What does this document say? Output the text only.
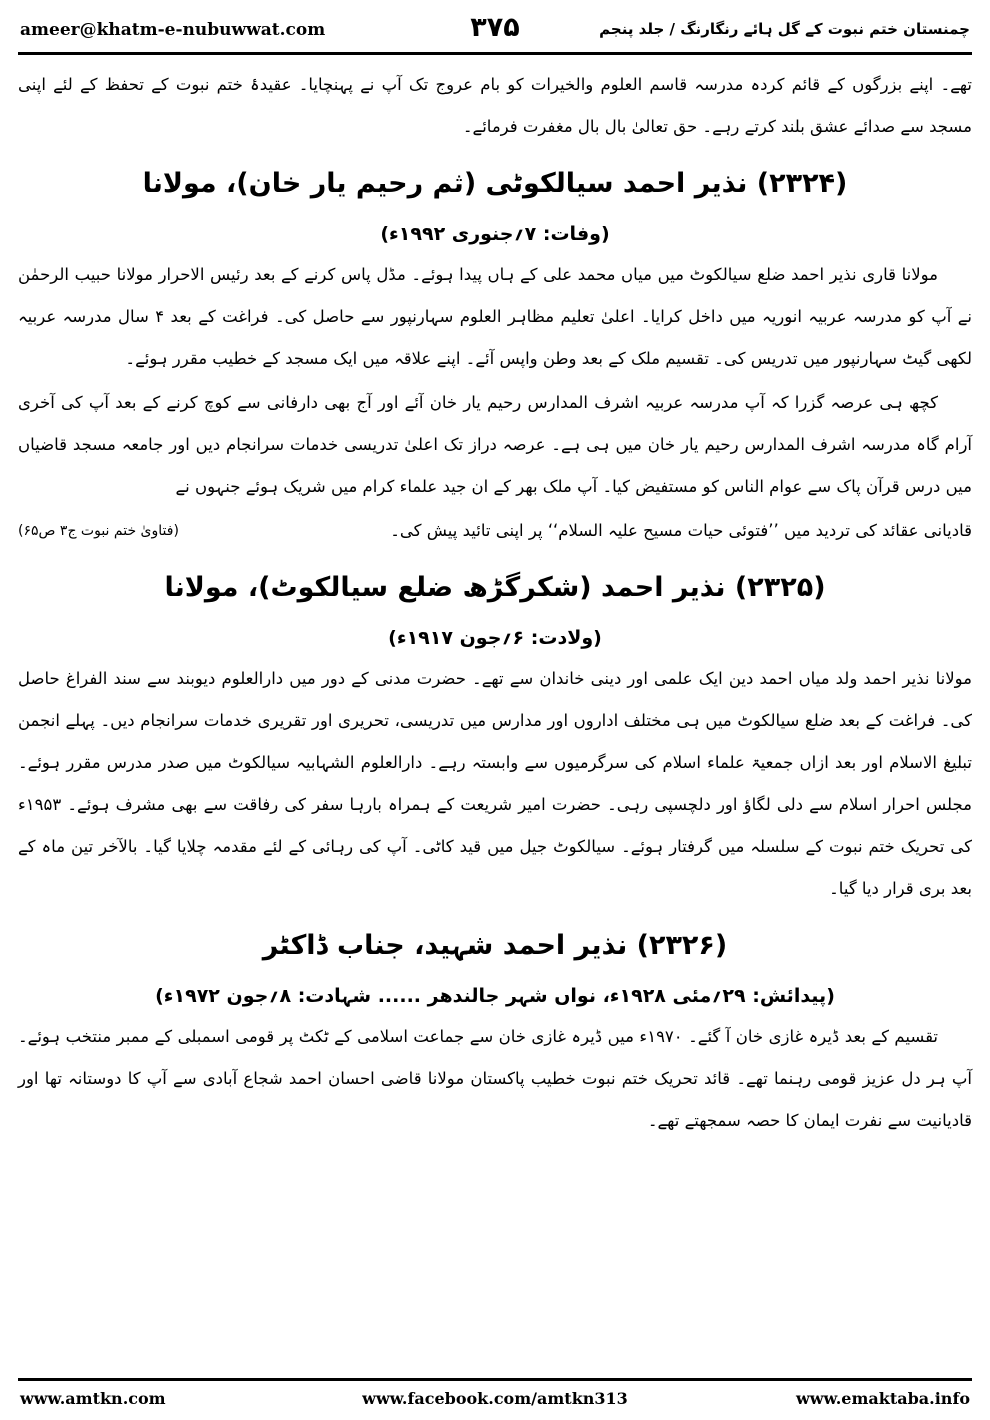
ameer@khatm-e-nubuwwat.com	۳۷۵	چمنستان ختم نبوت کے گل ہائے رنگارنگ / جلد پنجم

تھے۔ اپنے بزرگوں کے قائم کردہ مدرسہ قاسم العلوم والخیرات کو بام عروج تک آپ نے پہنچایا۔ عقیدۂ ختم نبوت کے تحفظ کے لئے اپنی مسجد سے صدائے عشق بلند کرتے رہے۔ حق تعالیٰ بال بال مغفرت فرمائے۔

(۲۳۲۴) نذیر احمد سیالکوٹی (ثم رحیم یار خان)، مولانا
(وفات: ۷؍جنوری ۱۹۹۲ء)

مولانا قاری نذیر احمد ضلع سیالکوٹ میں میاں محمد علی کے ہاں پیدا ہوئے۔ مڈل پاس کرنے کے بعد رئیس الاحرار مولانا حبیب الرحمٰن نے آپ کو مدرسہ عربیہ انوریہ میں داخل کرایا۔ اعلیٰ تعلیم مظاہر العلوم سہارنپور سے حاصل کی۔ فراغت کے بعد ۴ سال مدرسہ عربیہ لکھی گیٹ سہارنپور میں تدریس کی۔ تقسیم ملک کے بعد وطن واپس آئے۔ اپنے علاقہ میں ایک مسجد کے خطیب مقرر ہوئے۔

کچھ ہی عرصہ گزرا کہ آپ مدرسہ عربیہ اشرف المدارس رحیم یار خان آئے اور آج بھی دارفانی سے کوچ کرنے کے بعد آپ کی آخری آرام گاہ مدرسہ اشرف المدارس رحیم یار خان میں ہی ہے۔ عرصہ دراز تک اعلیٰ تدریسی خدمات سرانجام دیں اور جامعہ مسجد قاضیاں میں درس قرآن پاک سے عوام الناس کو مستفیض کیا۔ آپ ملک بھر کے ان جید علماء کرام میں شریک ہوئے جنہوں نے

قادیانی عقائد کی تردید میں ’’فتوئی حیات مسیح علیہ السلام‘‘ پر اپنی تائید پیش کی۔
(فتاویٰ ختم نبوت ج۳ ص۶۵)
(۲۳۲۵) نذیر احمد (شکرگڑھ ضلع سیالکوٹ)، مولانا
(ولادت: ۶؍جون ۱۹۱۷ء)

مولانا نذیر احمد ولد میاں احمد دین ایک علمی اور دینی خاندان سے تھے۔ حضرت مدنی کے دور میں دارالعلوم دیوبند سے سند الفراغ حاصل کی۔ فراغت کے بعد ضلع سیالکوٹ میں ہی مختلف اداروں اور مدارس میں تدریسی، تحریری اور تقریری خدمات سرانجام دیں۔ پہلے انجمن تبلیغ الاسلام اور بعد ازاں جمعیۃ علماء اسلام کی سرگرمیوں سے وابستہ رہے۔ دارالعلوم الشہابیہ سیالکوٹ میں صدر مدرس مقرر ہوئے۔ مجلس احرار اسلام سے دلی لگاؤ اور دلچسپی رہی۔ حضرت امیر شریعت کے ہمراہ بارہا سفر کی رفاقت سے بھی مشرف ہوئے۔ ۱۹۵۳ء کی تحریک ختم نبوت کے سلسلہ میں گرفتار ہوئے۔ سیالکوٹ جیل میں قید کاٹی۔ آپ کی رہائی کے لئے مقدمہ چلایا گیا۔ بالآخر تین ماہ کے بعد بری قرار دیا گیا۔

(۲۳۲۶) نذیر احمد شہید، جناب ڈاکٹر
(پیدائش: ۲۹؍مئی ۱۹۲۸ء، نواں شہر جالندھر ...... شہادت: ۸؍جون ۱۹۷۲ء)

تقسیم کے بعد ڈیرہ غازی خان آ گئے۔ ۱۹۷۰ء میں ڈیرہ غازی خان سے جماعت اسلامی کے ٹکٹ پر قومی اسمبلی کے ممبر منتخب ہوئے۔ آپ ہر دل عزیز قومی رہنما تھے۔ قائد تحریک ختم نبوت خطیب پاکستان مولانا قاضی احسان احمد شجاع آبادی سے آپ کا دوستانہ تھا اور قادیانیت سے نفرت ایمان کا حصہ سمجھتے تھے۔

www.amtkn.com	www.facebook.com/amtkn313	www.emaktaba.info
